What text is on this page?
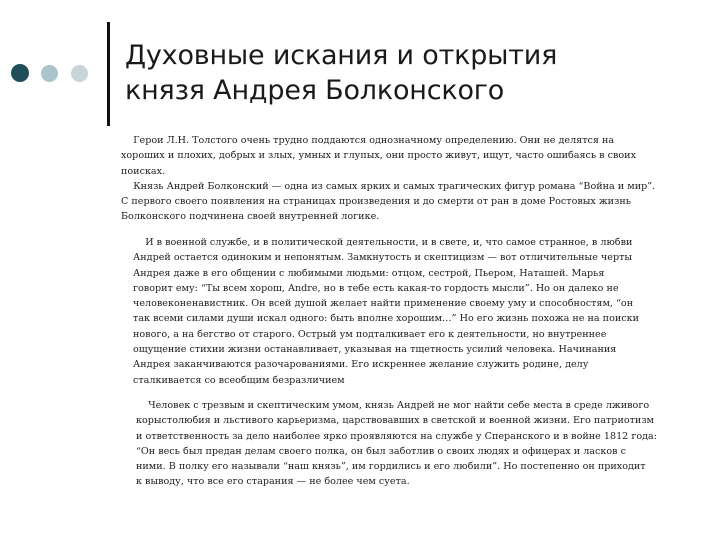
Духовные искания и открытия
князя Андрея Болконского
Герои Л.Н. Толстого очень трудно поддаются однозначному определению. Они не делятся на
хороших и плохих, добрых и злых, умных и глупых, они просто живут, ищут, часто ошибаясь в своих
поисках.
Князь Андрей Болконский — одна из самых ярких и самых трагических фигур романа “Война и мир”.
С первого своего появления на страницах произведения и до смерти от ран в доме Ростовых жизнь
Болконского подчинена своей внутренней логике.
И в военной службе, и в политической деятельности, и в свете, и, что самое странное, в любви
Андрей остается одиноким и непонятым. Замкнутость и скептицизм — вот отличительные черты
Андрея даже в его общении с любимыми людьми: отцом, сестрой, Пьером, Наташей. Марья
говорит ему: “Ты всем хорош, Andre, но в тебе есть какая-то гордость мысли”. Но он далеко не
человеконенавистник. Он всей душой желает найти применение своему уму и способностям, “он
так всеми силами души искал одного: быть вполне хорошим…” Но его жизнь похожа не на поиски
нового, а на бегство от старого. Острый ум подталкивает его к деятельности, но внутреннее
ощущение стихии жизни останавливает, указывая на тщетность усилий человека. Начинания
Андрея заканчиваются разочарованиями. Его искреннее желание служить родине, делу
сталкивается со всеобщим безразличием
Человек с трезвым и скептическим умом, князь Андрей не мог найти себе места в среде лживого
корыстолюбия и льстивого карьеризма, царствовавших в светской и военной жизни. Его патриотизм
и ответственность за дело наиболее ярко проявляются на службе у Сперанского и в войне 1812 года:
“Он весь был предан делам своего полка, он был заботлив о своих людях и офицерах и ласков с
ними. В полку его называли “наш князь”, им гордились и его любили”. Но постепенно он приходит
к выводу, что все его старания — не более чем суета.
